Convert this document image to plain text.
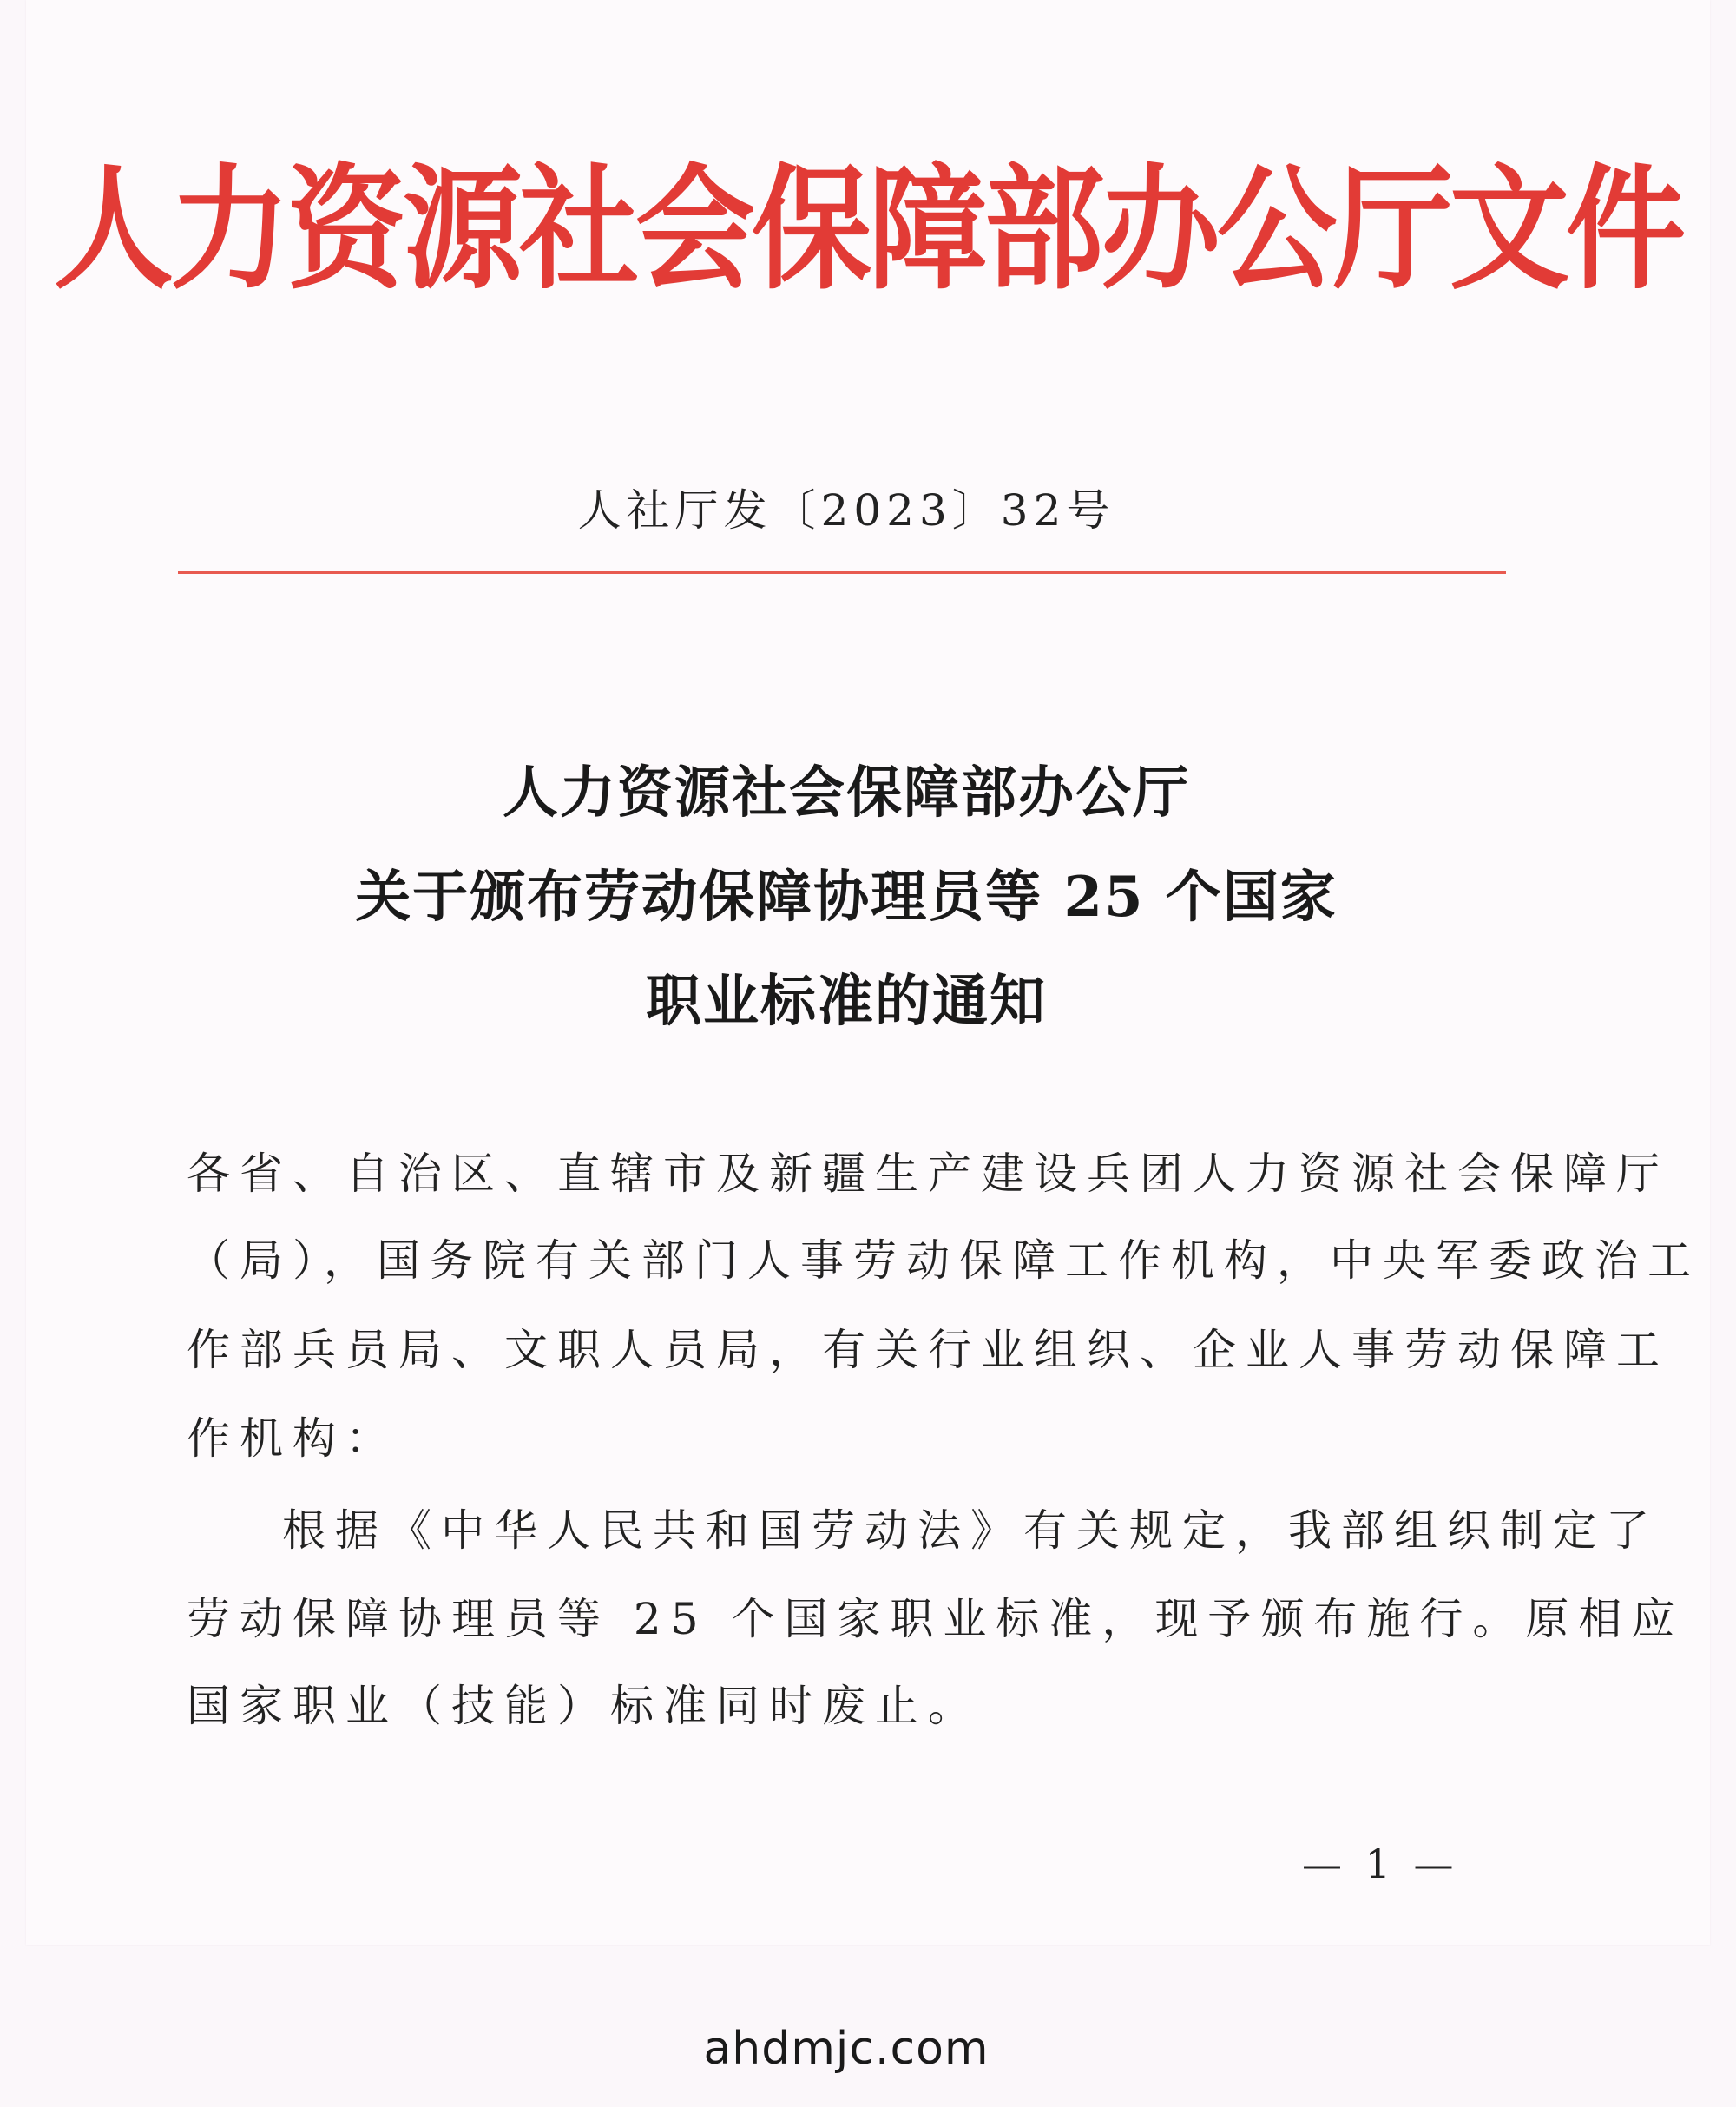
人力资源社会保障部办公厅文件
人社厅发〔2023〕32号
人力资源社会保障部办公厅
关于颁布劳动保障协理员等 25 个国家
职业标准的通知
各省、自治区、直辖市及新疆生产建设兵团人力资源社会保障厅
（局），国务院有关部门人事劳动保障工作机构，中央军委政治工
作部兵员局、文职人员局，有关行业组织、企业人事劳动保障工
作机构：
根据《中华人民共和国劳动法》有关规定，我部组织制定了
劳动保障协理员等 25 个国家职业标准，现予颁布施行。原相应
国家职业（技能）标准同时废止。
— 1 —
ahdmjc.com
